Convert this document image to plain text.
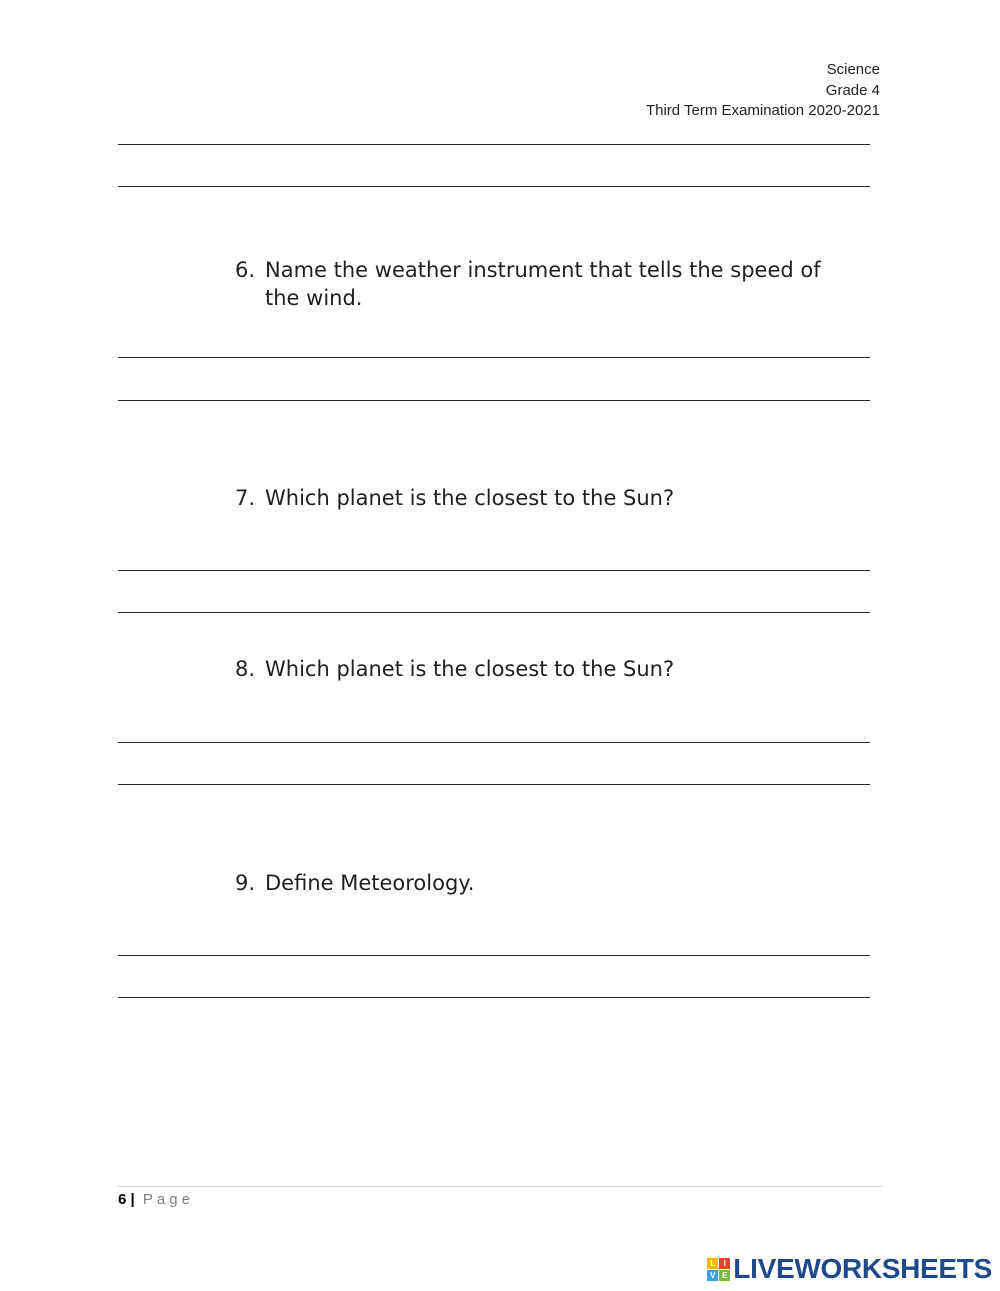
Science
Grade 4
Third Term Examination 2020-2021
6. Name the weather instrument that tells the speed of the wind.
7. Which planet is the closest to the Sun?
8. Which planet is the closest to the Sun?
9. Define Meteorology.
6 | Page
L	I
V E LIVEWORKSHEETS
